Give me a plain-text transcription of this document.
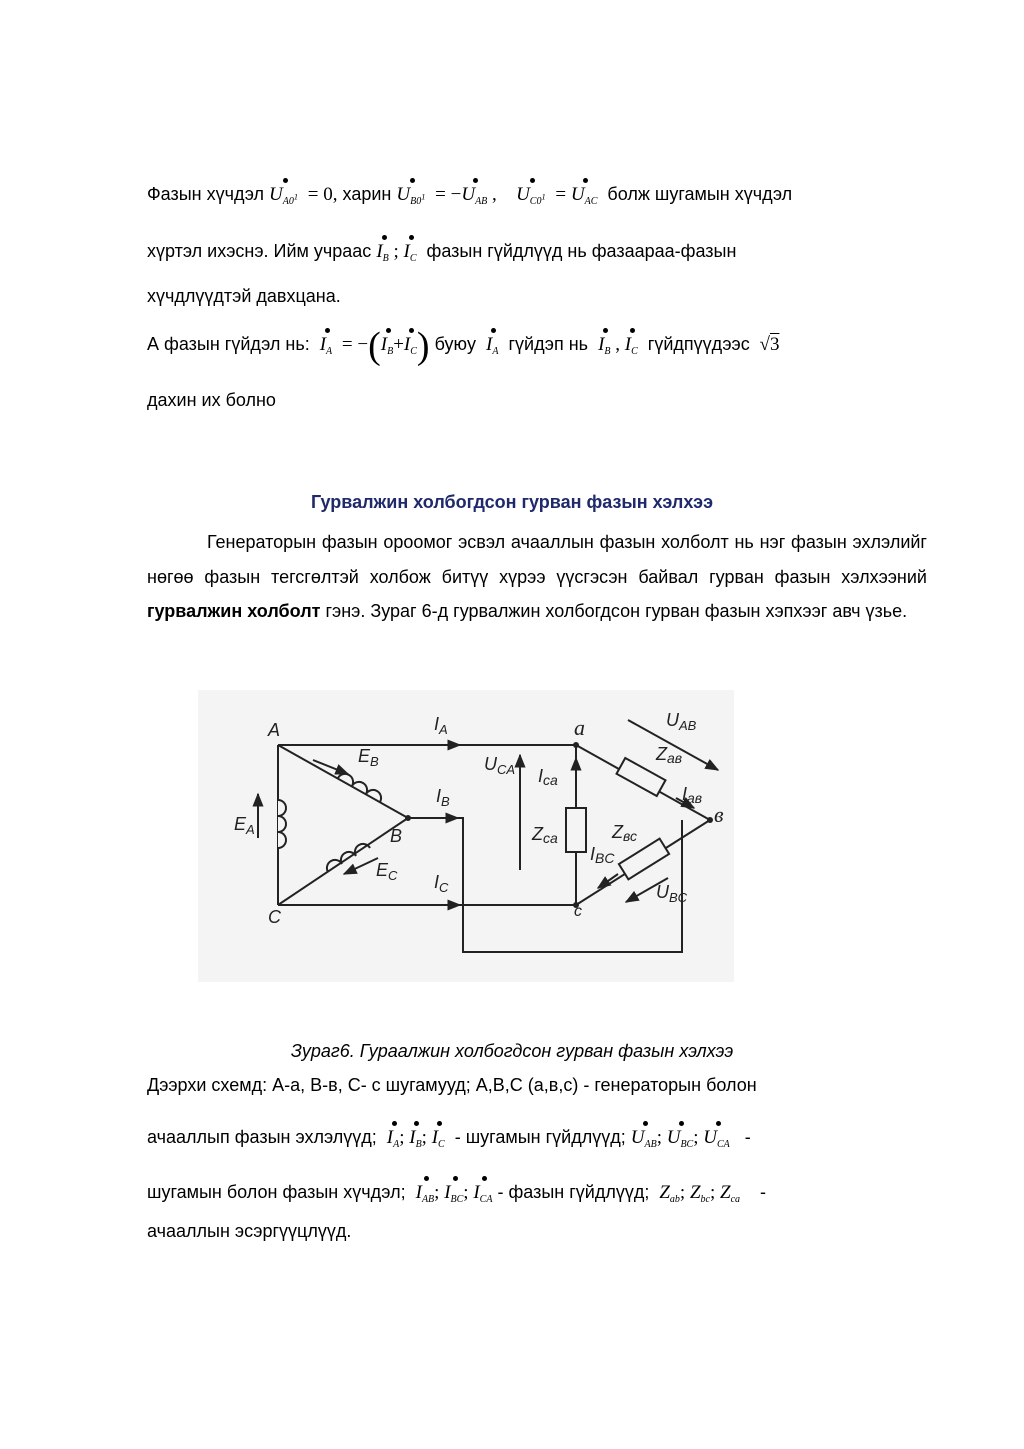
Фазын хүчдэл $U_{A0^1} = 0$, харин $U_{B0^1} = -U_{AB}$ ,    $U_{C0^1} = U_{AC}$ болж шугамын хүчдэл
хүртэл ихэснэ. Ийм учраас $I_B$ ; $I_C$ фазын гүйдлүүд нь фазаараа-фазын
хүчдлүүдтэй давхцана.
А фазын гүйдэл нь: $I_A = -(I_B+I_C)$ буюу $I_A$ гүйдэп нь $I_B$ , $I_C$ гүйдпүүдээс  √3
дахин их болно
Гурвалжин холбогдсон гурван фазын хэлхээ
Генераторын фазын ороомог эсвэл ачааллын фазын холболт нь нэг фазын эхлэлийг нөгөө фазын тегсгөлтэй холбож битүү хүрээ үүсгэсэн байвал гурван фазын хэлхээний гурвалжин холболт гэнэ. Зураг 6-д гурвалжин холбогдсон гурван фазын хэпхээг авч үзье.
A
B
C
a
в
c
$I_A$
$I_B$
$I_C$
$E_A$
$E_B$
$E_C$
$U_{CA}$
$U_{AB}$
$U_{BC}$
Ica
Iaв
IBC
Zca
Zaв
Zвс
Зураг6. Гураалжин холбогдсон гурван фазын хэлхээ
Дээрхи схемд: А-а, В-в, С- с шугамууд; А,В,С (а,в,с) - генераторын болон
ачааллып фазын эхлэлүүд; $I_A$; $I_B$; $I_C$ - шугамын гүйдлүүд; $U_{AB}$; $U_{BC}$; $U_{CA}$   -
шугамын болон фазын хүчдэл; $I_{AB}$; $I_{BC}$; $I_{CA}$ - фазын гүйдлүүд; $Z_{ab}$; $Z_{bc}$; $Z_{ca}$    -
ачааллын эсэргүүцлүүд.
